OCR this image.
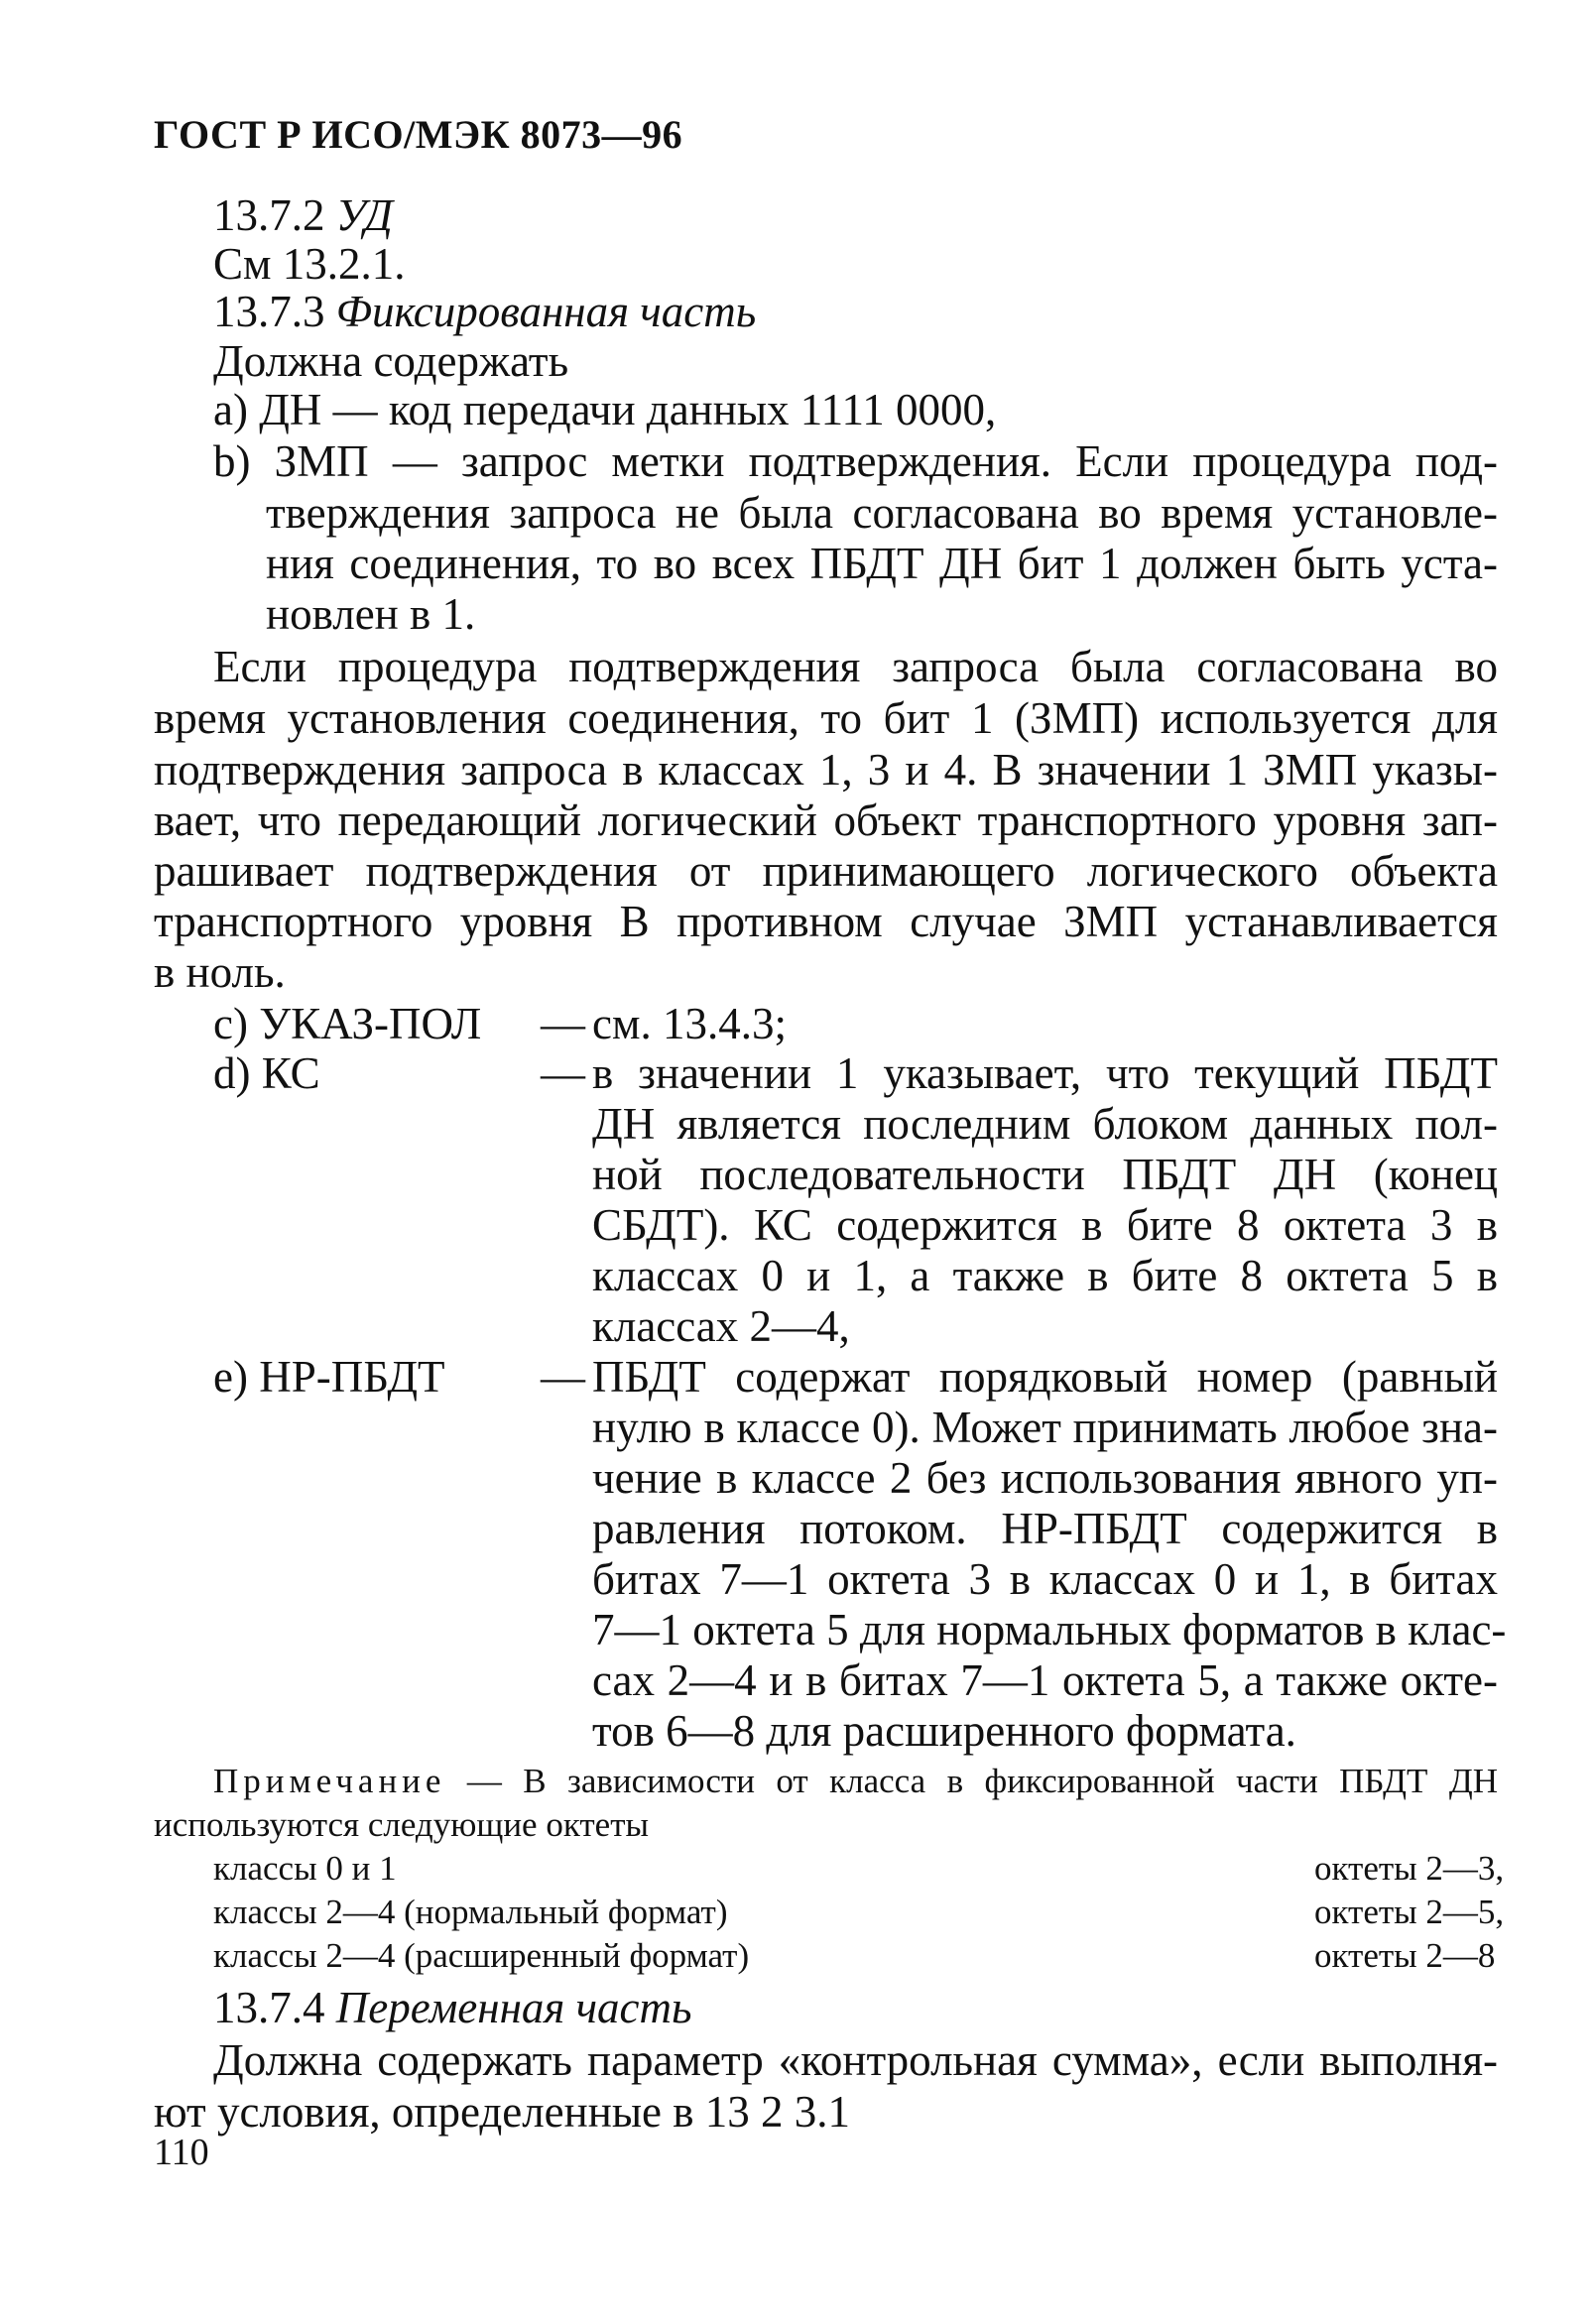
ГОСТ Р ИСО/МЭК 8073—96
13.7.2 УД
См 13.2.1.
13.7.3 Фиксированная часть
Должна содержать
a) ДН — код передачи данных 1111 0000,
b) ЗМП — запрос метки подтверждения. Если процедура под-
тверждения запроса не была согласована во время установле-
ния соединения, то во всех ПБДТ ДН бит 1 должен быть уста-
новлен в 1.
Если процедура подтверждения запроса была согласована во
время установления соединения, то бит 1 (ЗМП) используется для
подтверждения запроса в классах 1, 3 и 4. В значении 1 ЗМП указы-
вает, что передающий логический объект транспортного уровня зап-
рашивает подтверждения от принимающего логического объекта
транспортного уровня В противном случае ЗМП устанавливается
в ноль.
c) УКАЗ-ПОЛ — см. 13.4.3;
d) КС	— в значении 1 указывает, что текущий ПБДТ
ДН является последним блоком данных пол-
ной последовательности ПБДТ ДН (конец
СБДТ). КС содержится в бите 8 октета 3 в
классах 0 и 1, а также в бите 8 октета 5 в
классах 2—4,
e) НР-ПБДТ — ПБДТ содержат порядковый номер (равный
нулю в классе 0). Может принимать любое зна-
чение в классе 2 без использования явного уп-
равления потоком. НР-ПБДТ содержится в
битах 7—1 октета 3 в классах 0 и 1, в битах
7—1 октета 5 для нормальных форматов в клас-
сах 2—4 и в битах 7—1 октета 5, а также окте-
тов 6—8 для расширенного формата.
Примечание — В зависимости от класса в фиксированной части ПБДТ ДН
используются следующие октеты
классы 0 и 1	октеты 2—3,
классы 2—4 (нормальный формат)	октеты 2—5,
классы 2—4 (расширенный формат)	октеты 2—8
13.7.4 Переменная часть
Должна содержать параметр «контрольная сумма», если выполня-
ют условия, определенные в 13 2 3.1
110
